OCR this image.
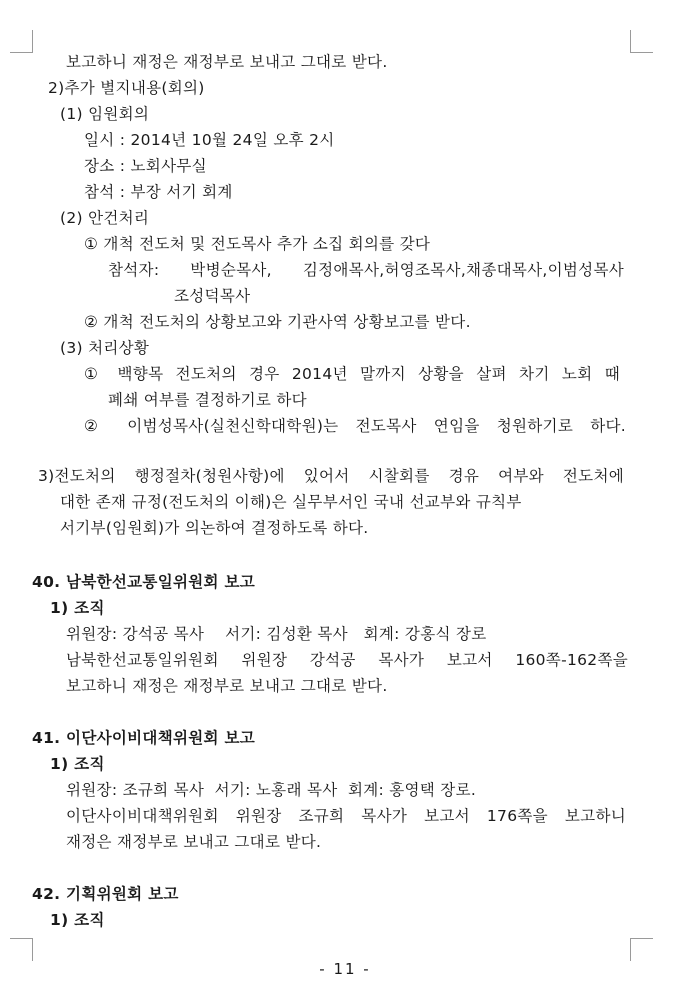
보고하니 재정은 재정부로 보내고 그대로 받다.
2)추가 별지내용(회의)
(1) 임원회의
일시 : 2014년 10월 24일 오후 2시
장소 : 노회사무실
참석 : 부장 서기 회계
(2) 안건처리
① 개척 전도처 및 전도목사 추가 소집 회의를 갖다
참석자: 박병순목사, 김정애목사,허영조목사,채종대목사,이범성목사
조성덕목사
② 개척 전도처의 상황보고와 기관사역 상황보고를 받다.
(3) 처리상황
① 백향목 전도처의 경우 2014년 말까지 상황을 살펴 차기 노회 때
폐쇄 여부를 결정하기로 하다
② 이범성목사(실천신학대학원)는 전도목사 연임을 청원하기로 하다.
3)전도처의 행정절차(청원사항)에 있어서 시찰회를 경유 여부와 전도처에
대한 존재 규정(전도처의 이해)은 실무부서인 국내 선교부와 규칙부
서기부(임원회)가 의논하여 결정하도록 하다.
40. 남북한선교통일위원회 보고
1) 조직
위원장: 강석공 목사    서기: 김성환 목사   회계: 강홍식 장로
남북한선교통일위원회 위원장 강석공 목사가 보고서 160쪽-162쪽을
보고하니 재정은 재정부로 보내고 그대로 받다.
41. 이단사이비대책위원회 보고
1) 조직
위원장: 조규희 목사  서기: 노홍래 목사  회계: 홍영택 장로.
이단사이비대책위원회 위원장 조규희 목사가 보고서 176쪽을 보고하니
재정은 재정부로 보내고 그대로 받다.
42. 기획위원회 보고
1) 조직
- 11 -
